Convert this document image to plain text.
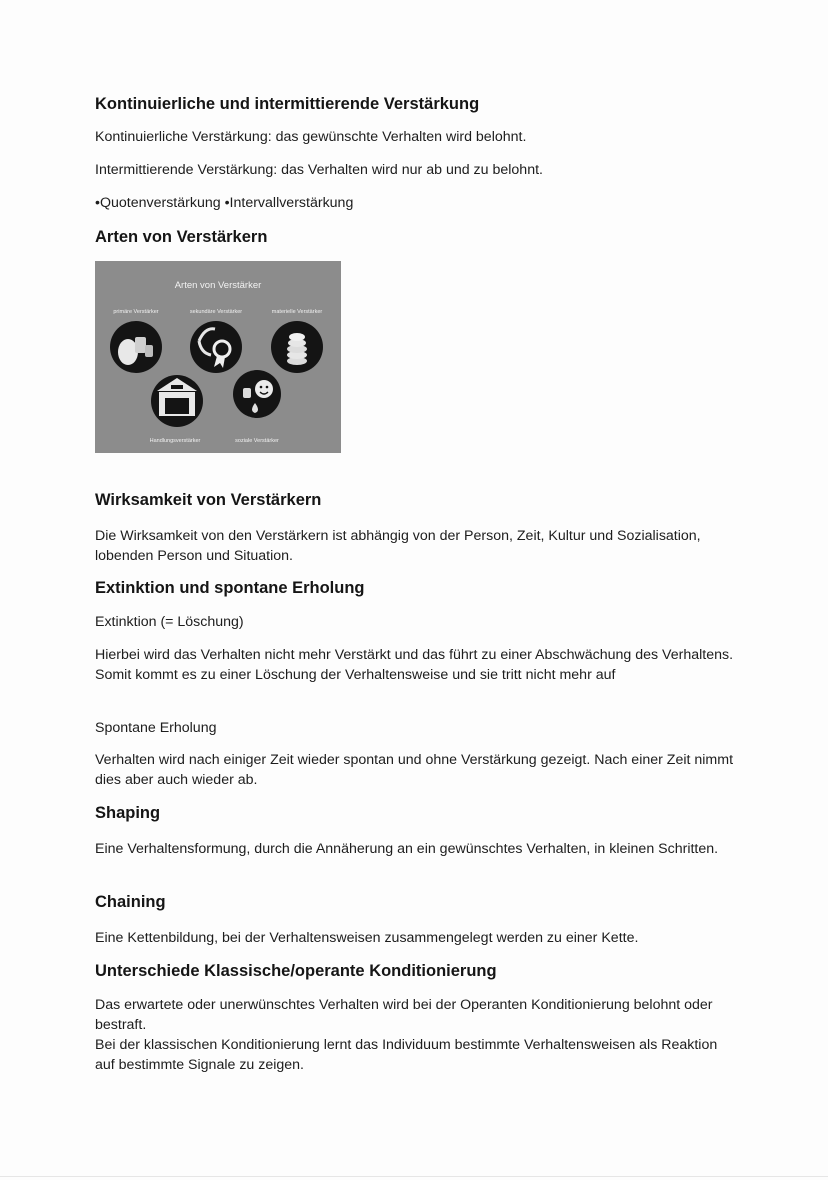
Kontinuierliche und intermittierende Verstärkung
Kontinuierliche Verstärkung: das gewünschte Verhalten wird belohnt.
Intermittierende Verstärkung: das Verhalten wird nur ab und zu belohnt.
•Quotenverstärkung •Intervallverstärkung
Arten von Verstärkern
Arten von Verstärker
primäre Verstärker	sekundäre Verstärker	materielle Verstärker
Handlungsverstärker	soziale Verstärker
Wirksamkeit von Verstärkern
Die Wirksamkeit von den Verstärkern ist abhängig von der Person, Zeit, Kultur und Sozialisation, lobenden Person und Situation.
Extinktion und spontane Erholung
Extinktion (= Löschung)
Hierbei wird das Verhalten nicht mehr Verstärkt und das führt zu einer Abschwächung des Verhaltens. Somit kommt es zu einer Löschung der Verhaltensweise und sie tritt nicht mehr auf
Spontane Erholung
Verhalten wird nach einiger Zeit wieder spontan und ohne Verstärkung gezeigt. Nach einer Zeit nimmt dies aber auch wieder ab.
Shaping
Eine Verhaltensformung, durch die Annäherung an ein gewünschtes Verhalten, in kleinen Schritten.
Chaining
Eine Kettenbildung, bei der Verhaltensweisen zusammengelegt werden zu einer Kette.
Unterschiede Klassische/operante Konditionierung
Das erwartete oder unerwünschtes Verhalten wird bei der Operanten Konditionierung belohnt oder bestraft.
Bei der klassischen Konditionierung lernt das Individuum bestimmte Verhaltensweisen als Reaktion auf bestimmte Signale zu zeigen.
